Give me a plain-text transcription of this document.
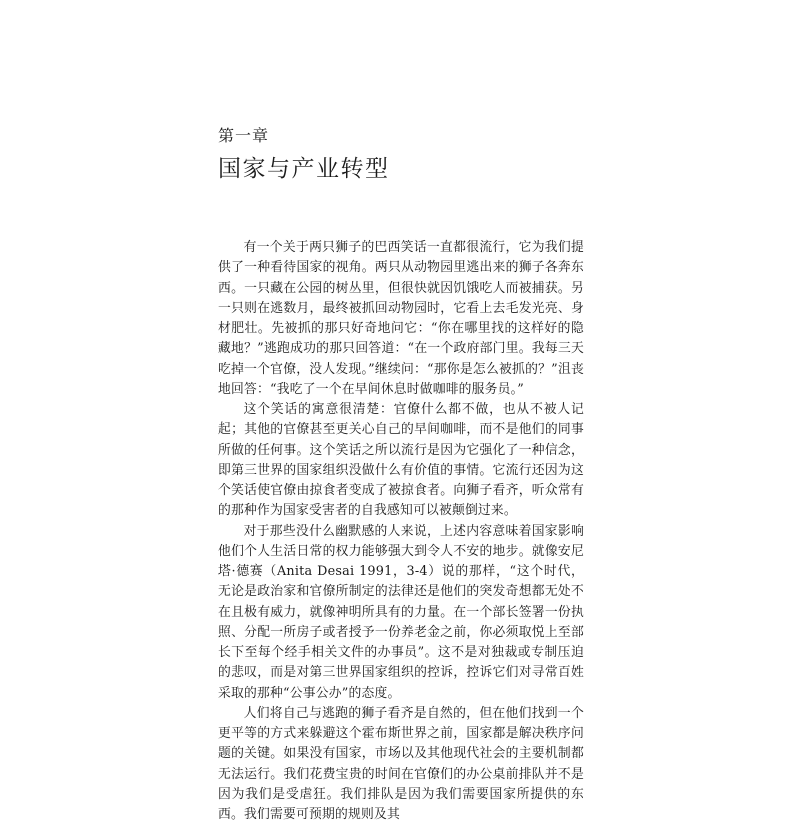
第一章
国家与产业转型

有一个关于两只狮子的巴西笑话一直都很流行，它为我们提供了一种看待国家的视角。两只从动物园里逃出来的狮子各奔东西。一只藏在公园的树丛里，但很快就因饥饿吃人而被捕获。另一只则在逃数月，最终被抓回动物园时，它看上去毛发光亮、身材肥壮。先被抓的那只好奇地问它：“你在哪里找的这样好的隐藏地？”逃跑成功的那只回答道：“在一个政府部门里。我每三天吃掉一个官僚，没人发现。”继续问：“那你是怎么被抓的？”沮丧地回答：“我吃了一个在早间休息时做咖啡的服务员。”

这个笑话的寓意很清楚：官僚什么都不做，也从不被人记起；其他的官僚甚至更关心自己的早间咖啡，而不是他们的同事所做的任何事。这个笑话之所以流行是因为它强化了一种信念，即第三世界的国家组织没做什么有价值的事情。它流行还因为这个笑话使官僚由掠食者变成了被掠食者。向狮子看齐，听众常有的那种作为国家受害者的自我感知可以被颠倒过来。

对于那些没什么幽默感的人来说，上述内容意味着国家影响他们个人生活日常的权力能够强大到令人不安的地步。就像安尼塔·德赛（Anita Desai 1991，3-4）说的那样，“这个时代，无论是政治家和官僚所制定的法律还是他们的突发奇想都无处不在且极有威力，就像神明所具有的力量。在一个部长签署一份执照、分配一所房子或者授予一份养老金之前，你必须取悦上至部长下至每个经手相关文件的办事员”。这不是对独裁或专制压迫的悲叹，而是对第三世界国家组织的控诉，控诉它们对寻常百姓采取的那种“公事公办”的态度。

人们将自己与逃跑的狮子看齐是自然的，但在他们找到一个更平等的方式来躲避这个霍布斯世界之前，国家都是解决秩序问题的关键。如果没有国家，市场以及其他现代社会的主要机制都无法运行。我们花费宝贵的时间在官僚们的办公桌前排队并不是因为我们是受虐狂。我们排队是因为我们需要国家所提供的东西。我们需要可预期的规则及其
